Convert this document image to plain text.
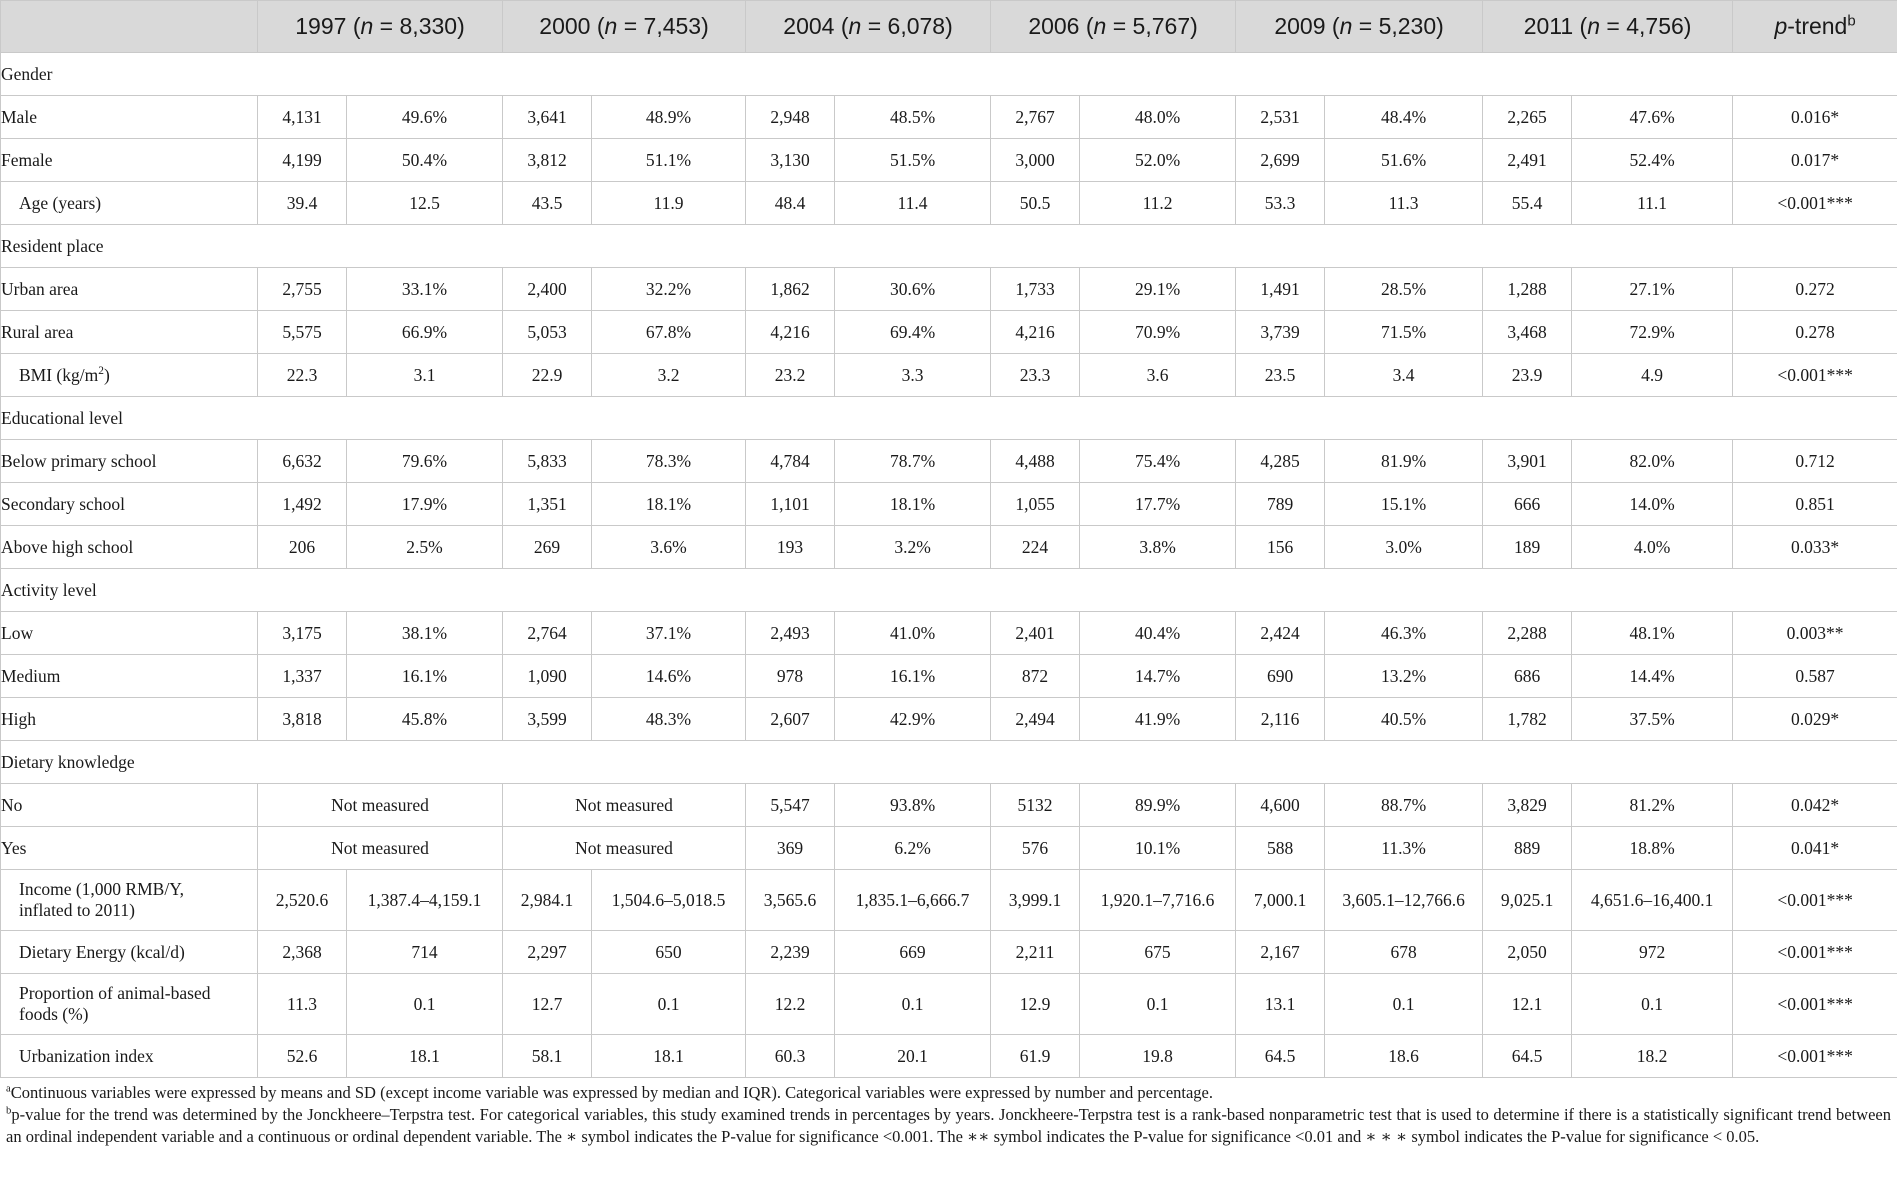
	1997 (n = 8,330)		2000 (n = 7,453)		2004 (n = 6,078)		2006 (n = 5,767)		2009 (n = 5,230)		2011 (n = 4,756)		p-trend$^b$
Gender													
Male	4,131	49.6%	3,641	48.9%	2,948	48.5%	2,767	48.0%	2,531	48.4%	2,265	47.6%	0.016*
Female	4,199	50.4%	3,812	51.1%	3,130	51.5%	3,000	52.0%	2,699	51.6%	2,491	52.4%	0.017*
Age (years)	39.4	12.5	43.5	11.9	48.4	11.4	50.5	11.2	53.3	11.3	55.4	11.1	<0.001***
Resident place													
Urban area	2,755	33.1%	2,400	32.2%	1,862	30.6%	1,733	29.1%	1,491	28.5%	1,288	27.1%	0.272
Rural area	5,575	66.9%	5,053	67.8%	4,216	69.4%	4,216	70.9%	3,739	71.5%	3,468	72.9%	0.278
BMI $(kg/m^2)$	22.3	3.1	22.9	3.2	23.2	3.3	23.3	3.6	23.5	3.4	23.9	4.9	<0.001***
Educational level													
Below primary school	6,632	79.6%	5,833	78.3%	4,784	78.7%	4,488	75.4%	4,285	81.9%	3,901	82.0%	0.712
Secondary school	1,492	17.9%	1,351	18.1%	1,101	18.1%	1,055	17.7%	789	15.1%	666	14.0%	0.851
Above high school	206	2.5%	269	3.6%	193	3.2%	224	3.8%	156	3.0%	189	4.0%	0.033*
Activity level													
Low	3,175	38.1%	2,764	37.1%	2,493	41.0%	2,401	40.4%	2,424	46.3%	2,288	48.1%	0.003**
Medium	1,337	16.1%	1,090	14.6%	978	16.1%	872	14.7%	690	13.2%	686	14.4%	0.587
High	3,818	45.8%	3,599	48.3%	2,607	42.9%	2,494	41.9%	2,116	40.5%	1,782	37.5%	0.029*
Dietary knowledge													
No	Not measured		Not measured		5,547	93.8%	5132	89.9%	4,600	88.7%	3,829	81.2%	0.042*
Yes	Not measured		Not measured		369	6.2%	576	10.1%	588	11.3%	889	18.8%	0.041*
Income (1,000 RMB/Y,
inflated to 2011)	2,520.6	1,387.4–4,159.1	2,984.1	1,504.6–5,018.5	3,565.6	1,835.1–6,666.7	3,999.1	1,920.1–7,716.6	7,000.1	3,605.1–12,766.6	9,025.1	4,651.6–16,400.1	<0.001***
Dietary Energy (kcal/d)	2,368	714	2,297	650	2,239	669	2,211	675	2,167	678	2,050	972	<0.001***
Proportion of animal-based
foods (%)	11.3	0.1	12.7	0.1	12.2	0.1	12.9	0.1	13.1	0.1	12.1	0.1	<0.001***
Urbanization index	52.6	18.1	58.1	18.1	60.3	20.1	61.9	19.8	64.5	18.6	64.5	18.2	<0.001***

$^a$Continuous variables were expressed by means and SD (except income variable was expressed by median and IQR). Categorical variables were expressed by number and percentage.

$^b$p-value for the trend was determined by the Jonckheere–Terpstra test. For categorical variables, this study examined trends in percentages by years. Jonckheere-Terpstra test is a rank-based nonparametric test that is used to determine if there is a statistically significant trend between an ordinal independent variable and a continuous or ordinal dependent variable. The ∗ symbol indicates the P-value for significance <0.001. The ∗∗ symbol indicates the P-value for significance <0.01 and ∗ ∗ ∗ symbol indicates the P-value for significance < 0.05.
